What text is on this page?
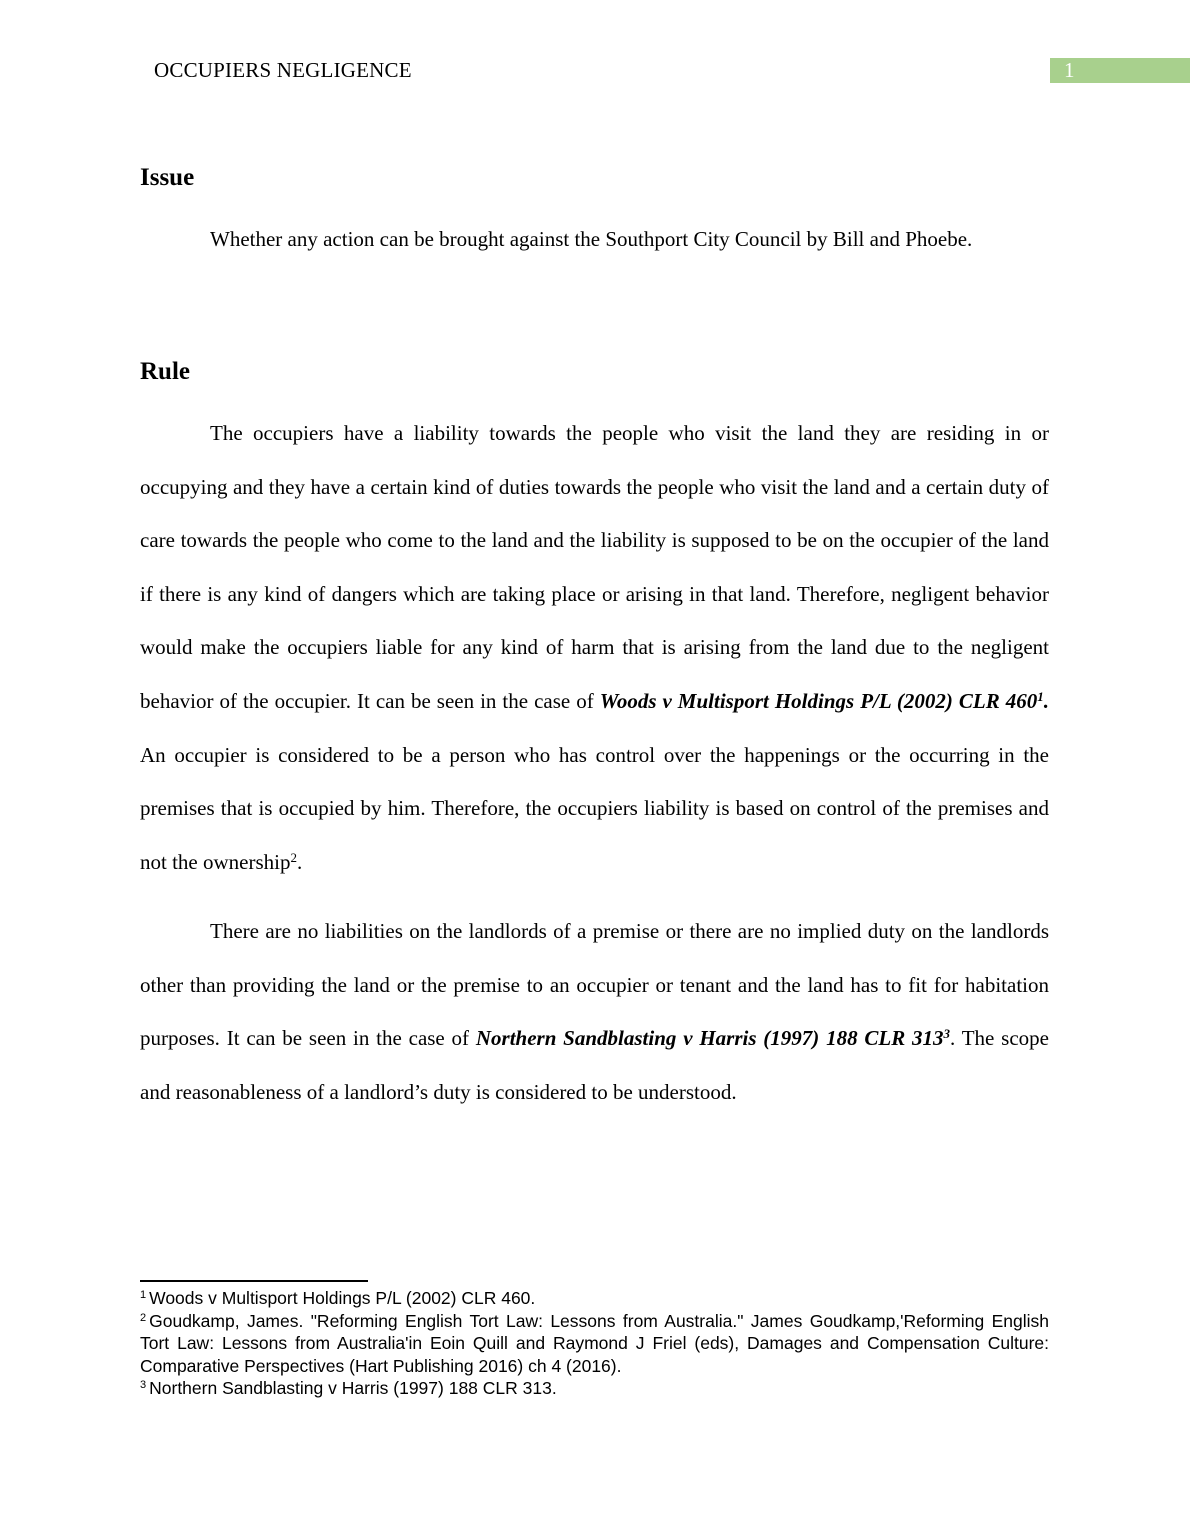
OCCUPIERS NEGLIGENCE	1
Issue

Whether any action can be brought against the Southport City Council by Bill and Phoebe.

Rule

The occupiers have a liability towards the people who visit the land they are residing in or occupying and they have a certain kind of duties towards the people who visit the land and a certain duty of care towards the people who come to the land and the liability is supposed to be on the occupier of the land if there is any kind of dangers which are taking place or arising in that land. Therefore, negligent behavior would make the occupiers liable for any kind of harm that is arising from the land due to the negligent behavior of the occupier. It can be seen in the case of Woods v Multisport Holdings P/L (2002) CLR $460^1$. An occupier is considered to be a person who has control over the happenings or the occurring in the premises that is occupied by him. Therefore, the occupiers liability is based on control of the premises and not the ownership$^2$.

There are no liabilities on the landlords of a premise or there are no implied duty on the landlords other than providing the land or the premise to an occupier or tenant and the land has to fit for habitation purposes. It can be seen in the case of Northern Sandblasting v Harris (1997) 188 CLR $313^3$. The scope and reasonableness of a landlord’s duty is considered to be understood.

$^1$ Woods v Multisport Holdings P/L (2002) CLR 460.

$^2$ Goudkamp, James. "Reforming English Tort Law: Lessons from Australia." James Goudkamp,'Reforming English Tort Law: Lessons from Australia'in Eoin Quill and Raymond J Friel (eds), Damages and Compensation Culture: Comparative Perspectives (Hart Publishing 2016) ch 4 (2016).

$^3$ Northern Sandblasting v Harris (1997) 188 CLR 313.
